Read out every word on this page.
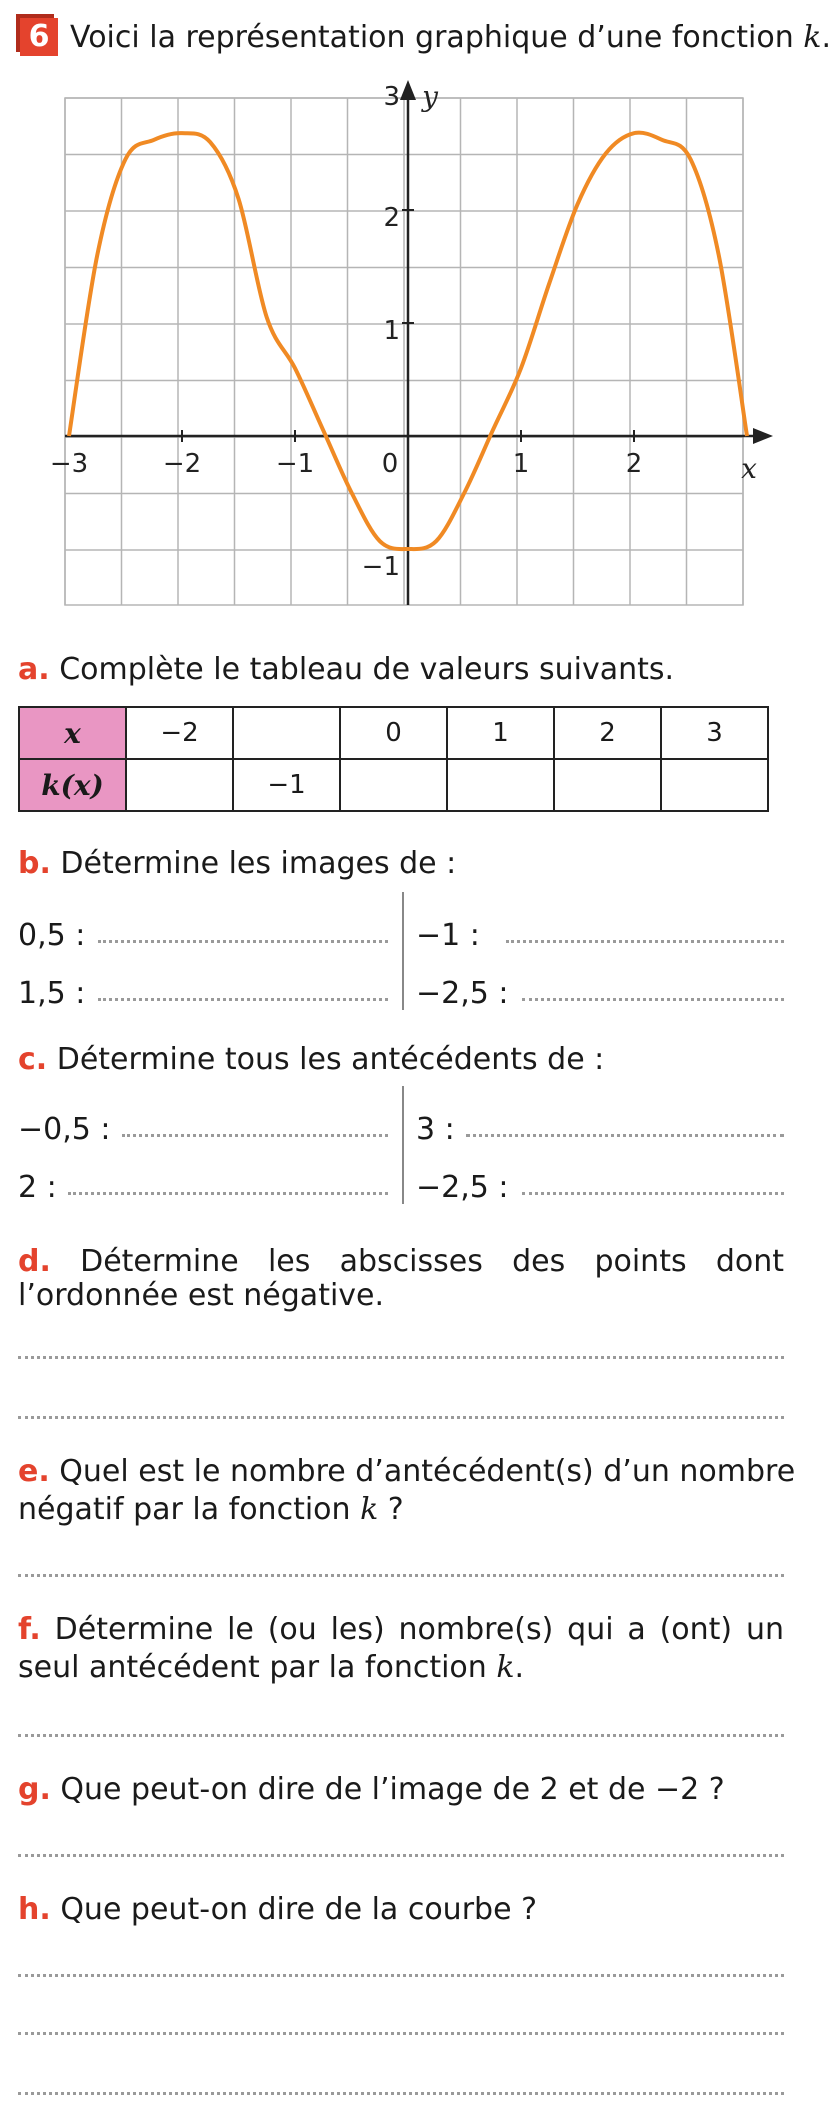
6 Voici la représentation graphique d’une fonction k.
x
y
−3	−2	−1	0	1	2
3
2
1
−1
a. Complète le tableau de valeurs suivants.
x	−2		0	1	2	3
k(x)		−1				
b. Détermine les images de :
0,5 :	−1 :
1,5 :	−2,5 :
c. Détermine tous les antécédents de :
−0,5 :	3 :
2 :	−2,5 :
d. Détermine les abscisses des points dont
l’ordonnée est négative.
e. Quel est le nombre d’antécédent(s) d’un nombre
négatif par la fonction k ?
f. Détermine le (ou les) nombre(s) qui a (ont) un
seul antécédent par la fonction k.
g. Que peut-on dire de l’image de 2 et de −2 ?
h. Que peut-on dire de la courbe ?
